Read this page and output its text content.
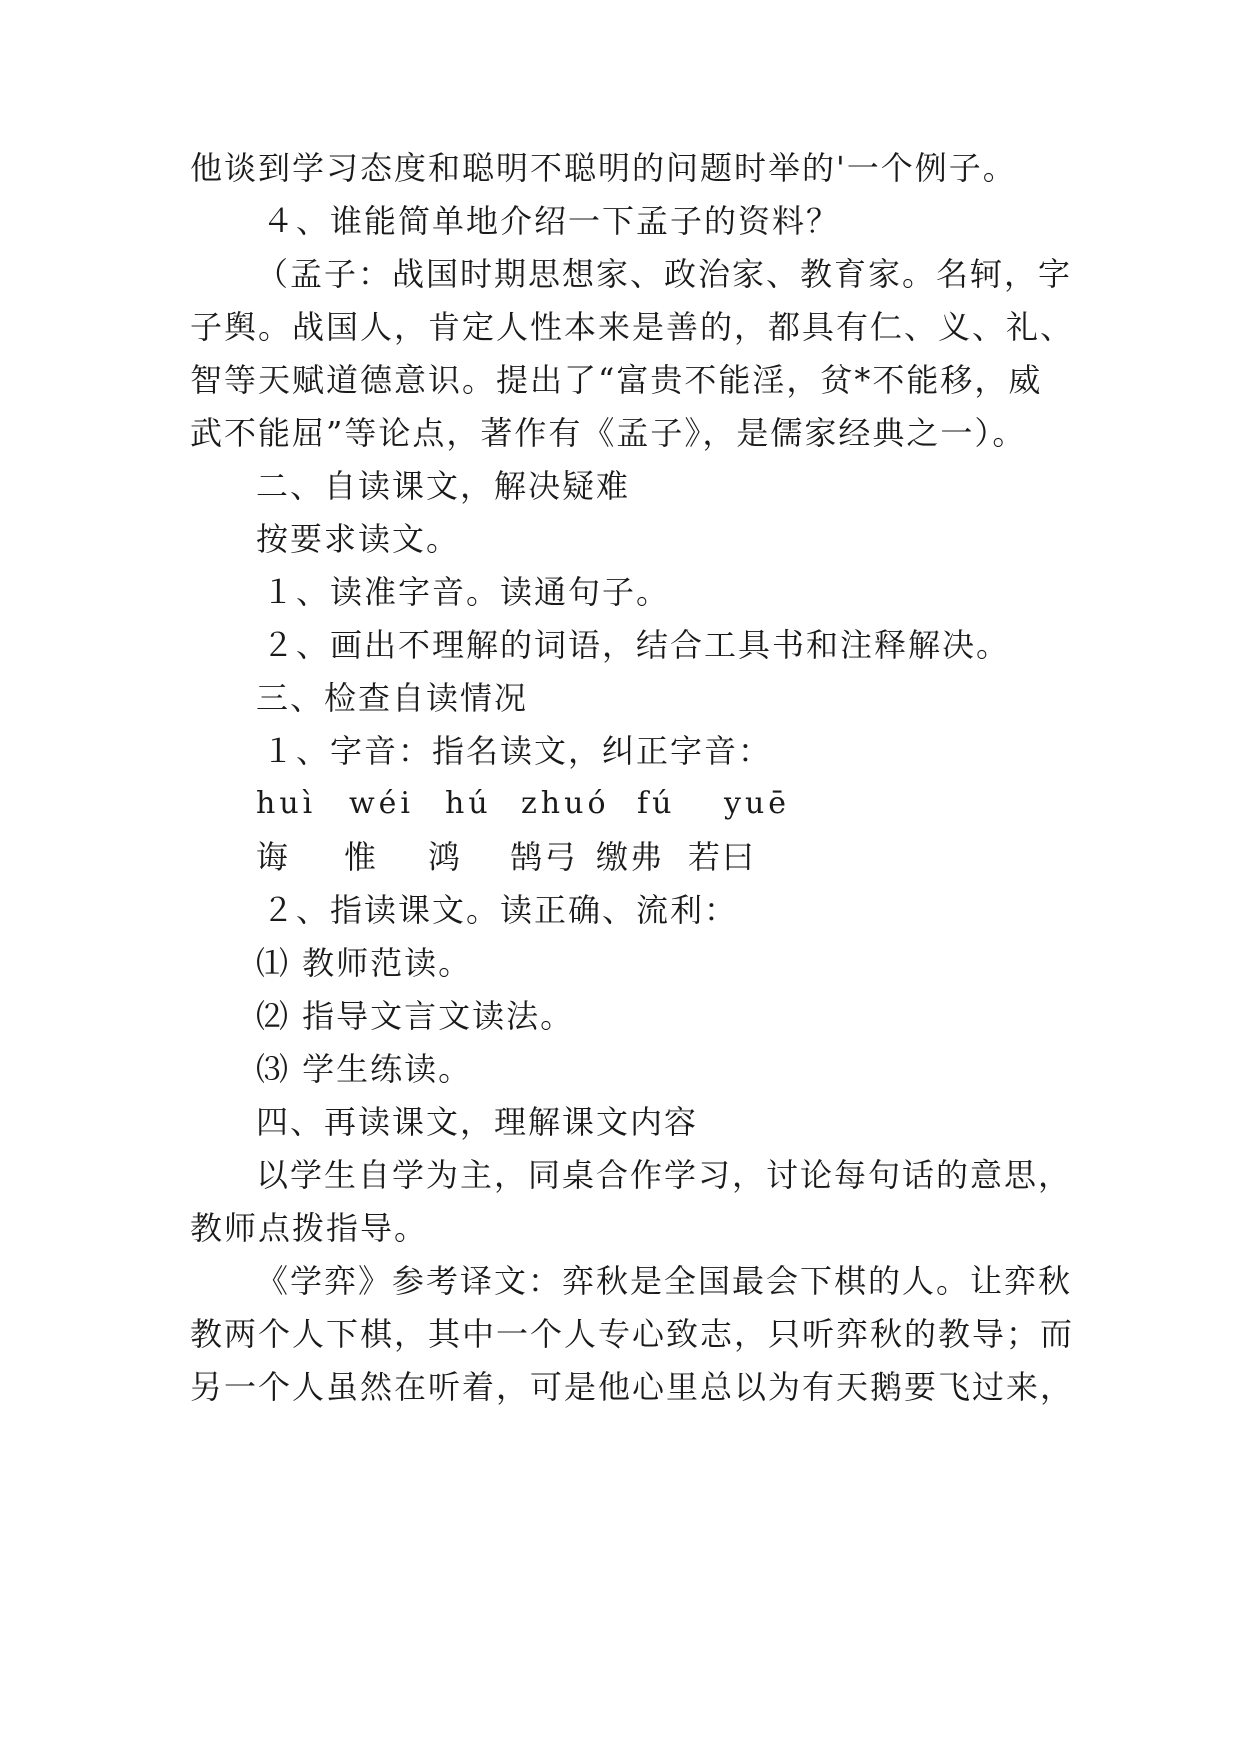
他谈到学习态度和聪明不聪明的问题时举的'一个例子。
４、谁能简单地介绍一下孟子的资料？
（孟子：战国时期思想家、政治家、教育家。名轲，字
子舆。战国人，肯定人性本来是善的，都具有仁、义、礼、
智等天赋道德意识。提出了“富贵不能淫，贫*不能移，威
武不能屈”等论点，著作有《孟子》，是儒家经典之一）。
二、自读课文，解决疑难
按要求读文。
１、读准字音。读通句子。
２、画出不理解的词语，结合工具书和注释解决。
三、检查自读情况
１、字音：指名读文，纠正字音：
huì wéi hú zhuó fú yuē
诲 惟 鸿 鹄弓 缴弗 若曰
２、指读课文。读正确、流利：
⑴ 教师范读。
⑵ 指导文言文读法。
⑶ 学生练读。
四、再读课文，理解课文内容
以学生自学为主，同桌合作学习，讨论每句话的意思，
教师点拨指导。
《学弈》参考译文：弈秋是全国最会下棋的人。让弈秋
教两个人下棋，其中一个人专心致志，只听弈秋的教导；而
另一个人虽然在听着，可是他心里总以为有天鹅要飞过来，
